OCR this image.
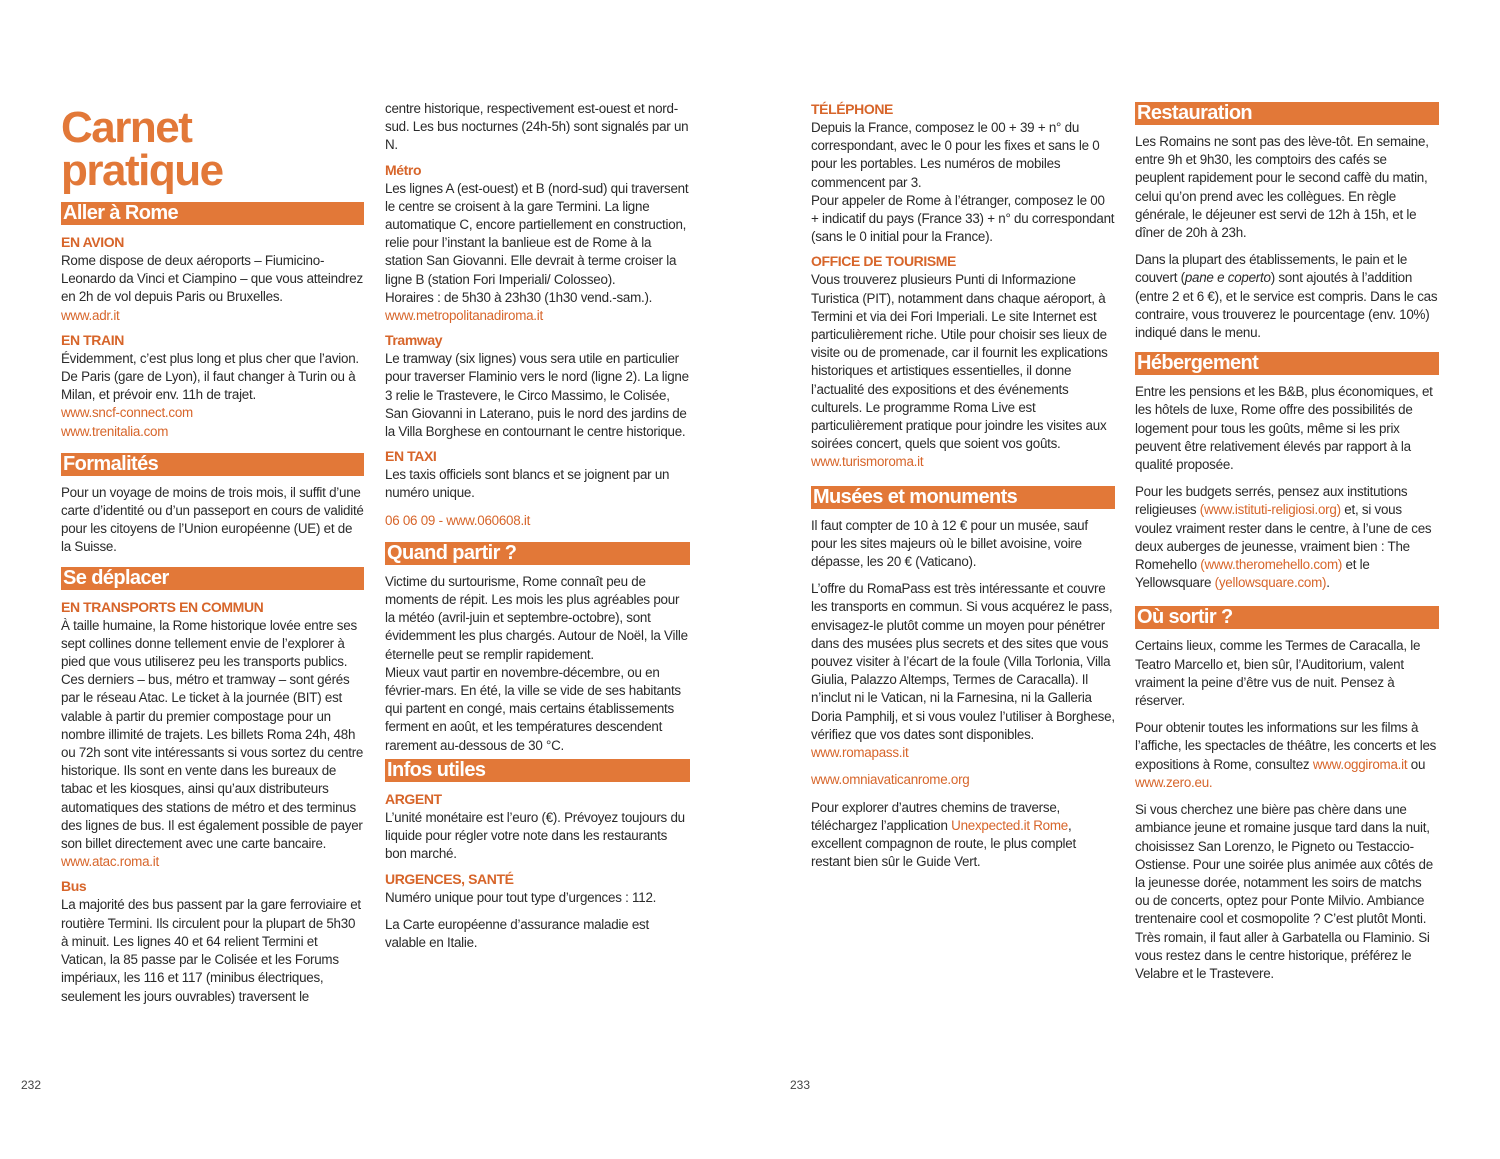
Carnet
pratique
Aller à Rome
EN AVION

Rome dispose de deux aéroports – Fiumicino-Leonardo da Vinci et Ciampino – que vous atteindrez en 2h de vol depuis Paris ou Bruxelles.

www.adr.it

EN TRAIN

Évidemment, c’est plus long et plus cher que l’avion. De Paris (gare de Lyon), il faut changer à Turin ou à Milan, et prévoir env. 11h de trajet.

www.sncf-connect.com

www.trenitalia.com

Formalités

Pour un voyage de moins de trois mois, il suffit d’une carte d’identité ou d’un passeport en cours de validité pour les citoyens de l’Union européenne (UE) et de la Suisse.

Se déplacer
EN TRANSPORTS EN COMMUN

À taille humaine, la Rome historique lovée entre ses sept collines donne tellement envie de l’explorer à pied que vous utiliserez peu les transports publics. Ces derniers – bus, métro et tramway – sont gérés par le réseau Atac. Le ticket à la journée (BIT) est valable à partir du premier compostage pour un nombre illimité de trajets. Les billets Roma 24h, 48h ou 72h sont vite intéressants si vous sortez du centre historique. Ils sont en vente dans les bureaux de tabac et les kiosques, ainsi qu’aux distributeurs automatiques des stations de métro et des terminus des lignes de bus. Il est également possible de payer son billet directement avec une carte bancaire.

www.atac.roma.it

Bus

La majorité des bus passent par la gare ferroviaire et routière Termini. Ils circulent pour la plupart de 5h30 à minuit. Les lignes 40 et 64 relient Termini et Vatican, la 85 passe par le Colisée et les Forums impériaux, les 116 et 117 (minibus électriques, seulement les jours ouvrables) traversent le

centre historique, respectivement est-ouest et nord-sud. Les bus nocturnes (24h-5h) sont signalés par un N.

Métro

Les lignes A (est-ouest) et B (nord-sud) qui traversent le centre se croisent à la gare Termini. La ligne automatique C, encore partiellement en construction, relie pour l’instant la banlieue est de Rome à la station San Giovanni. Elle devrait à terme croiser la ligne B (station Fori Imperiali/ Colosseo).

Horaires : de 5h30 à 23h30 (1h30 vend.-sam.).

www.metropolitanadiroma.it

Tramway

Le tramway (six lignes) vous sera utile en particulier pour traverser Flaminio vers le nord (ligne 2). La ligne 3 relie le Trastevere, le Circo Massimo, le Colisée, San Giovanni in Laterano, puis le nord des jardins de la Villa Borghese en contournant le centre historique.

EN TAXI

Les taxis officiels sont blancs et se joignent par un numéro unique.

06 06 09 - www.060608.it

Quand partir ?

Victime du surtourisme, Rome connaît peu de moments de répit. Les mois les plus agréables pour la météo (avril-juin et septembre-octobre), sont évidemment les plus chargés. Autour de Noël, la Ville éternelle peut se remplir rapidement.

Mieux vaut partir en novembre-décembre, ou en février-mars. En été, la ville se vide de ses habitants qui partent en congé, mais certains établissements ferment en août, et les températures descendent rarement au-dessous de 30 °C.

Infos utiles
ARGENT

L’unité monétaire est l’euro (€). Prévoyez toujours du liquide pour régler votre note dans les restaurants bon marché.

URGENCES, SANTÉ

Numéro unique pour tout type d’urgences : 112.

La Carte européenne d’assurance maladie est valable en Italie.

TÉLÉPHONE

Depuis la France, composez le 00 + 39 + n° du correspondant, avec le 0 pour les fixes et sans le 0 pour les portables. Les numéros de mobiles commencent par 3.

Pour appeler de Rome à l’étranger, composez le 00 + indicatif du pays (France 33) + n° du correspondant (sans le 0 initial pour la France).

OFFICE DE TOURISME

Vous trouverez plusieurs Punti di Informazione Turistica (PIT), notamment dans chaque aéroport, à Termini et via dei Fori Imperiali. Le site Internet est particulièrement riche. Utile pour choisir ses lieux de visite ou de promenade, car il fournit les explications historiques et artistiques essentielles, il donne l’actualité des expositions et des événements culturels. Le programme Roma Live est particulièrement pratique pour joindre les visites aux soirées concert, quels que soient vos goûts.

www.turismoroma.it

Musées et monuments

Il faut compter de 10 à 12 € pour un musée, sauf pour les sites majeurs où le billet avoisine, voire dépasse, les 20 € (Vaticano).

L’offre du RomaPass est très intéressante et couvre les transports en commun. Si vous acquérez le pass, envisagez-le plutôt comme un moyen pour pénétrer dans des musées plus secrets et des sites que vous pouvez visiter à l’écart de la foule (Villa Torlonia, Villa Giulia, Palazzo Altemps, Termes de Caracalla). Il n’inclut ni le Vatican, ni la Farnesina, ni la Galleria Doria Pamphilj, et si vous voulez l’utiliser à Borghese, vérifiez que vos dates sont disponibles.

www.romapass.it

www.omniavaticanrome.org

Pour explorer d’autres chemins de traverse, téléchargez l’application Unexpected.it Rome, excellent compagnon de route, le plus complet restant bien sûr le Guide Vert.

Restauration

Les Romains ne sont pas des lève-tôt. En semaine, entre 9h et 9h30, les comptoirs des cafés se peuplent rapidement pour le second caffè du matin, celui qu’on prend avec les collègues. En règle générale, le déjeuner est servi de 12h à 15h, et le dîner de 20h à 23h.

Dans la plupart des établissements, le pain et le couvert (pane e coperto) sont ajoutés à l’addition (entre 2 et 6 €), et le service est compris. Dans le cas contraire, vous trouverez le pourcentage (env. 10%) indiqué dans le menu.

Hébergement

Entre les pensions et les B&B, plus économiques, et les hôtels de luxe, Rome offre des possibilités de logement pour tous les goûts, même si les prix peuvent être relativement élevés par rapport à la qualité proposée.

Pour les budgets serrés, pensez aux institutions religieuses (www.istituti-religiosi.org) et, si vous voulez vraiment rester dans le centre, à l’une de ces deux auberges de jeunesse, vraiment bien : The Romehello (www.theromehello.com) et le Yellowsquare (yellowsquare.com).

Où sortir ?

Certains lieux, comme les Termes de Caracalla, le Teatro Marcello et, bien sûr, l’Auditorium, valent vraiment la peine d’être vus de nuit. Pensez à réserver.

Pour obtenir toutes les informations sur les films à l’affiche, les spectacles de théâtre, les concerts et les expositions à Rome, consultez www.oggiroma.it ou www.zero.eu.

Si vous cherchez une bière pas chère dans une ambiance jeune et romaine jusque tard dans la nuit, choisissez San Lorenzo, le Pigneto ou Testaccio-Ostiense. Pour une soirée plus animée aux côtés de la jeunesse dorée, notamment les soirs de matchs ou de concerts, optez pour Ponte Milvio. Ambiance trentenaire cool et cosmopolite ? C’est plutôt Monti. Très romain, il faut aller à Garbatella ou Flaminio. Si vous restez dans le centre historique, préférez le Velabre et le Trastevere.

232	233
